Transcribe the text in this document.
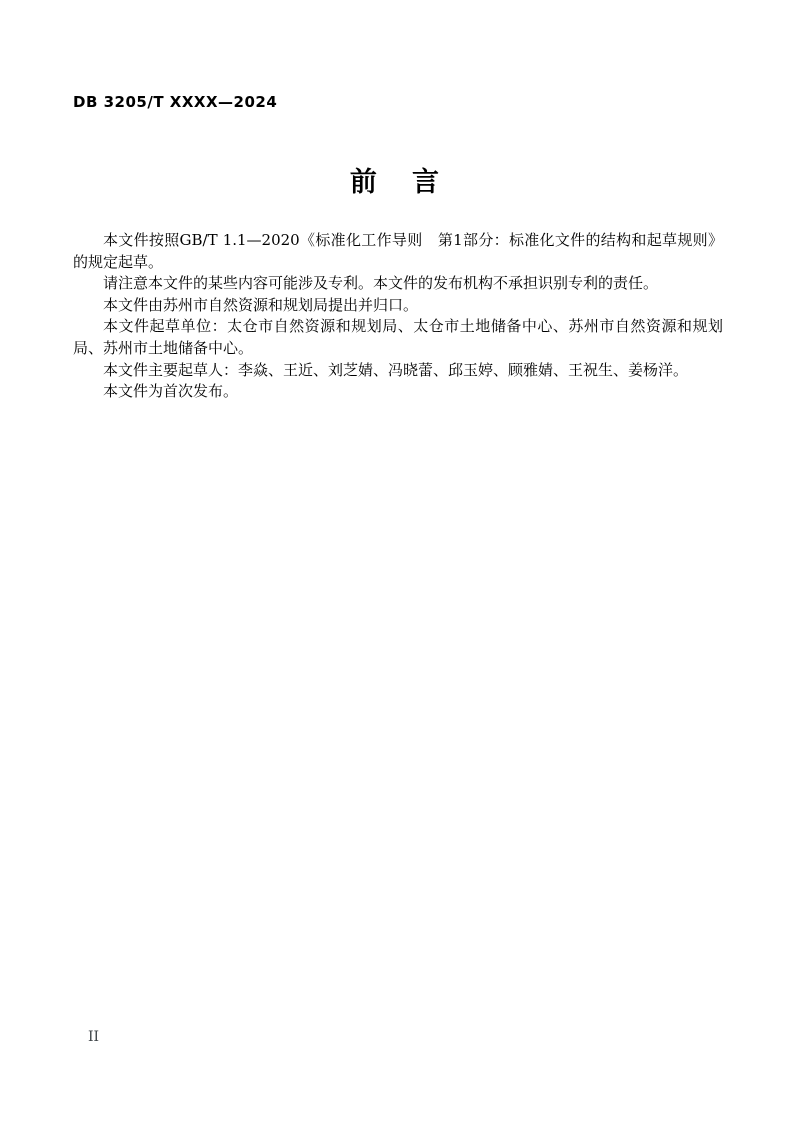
DB 3205/T XXXX—2024
前　言

本文件按照GB/T 1.1—2020《标准化工作导则　第1部分：标准化文件的结构和起草规则》的规定起草。

请注意本文件的某些内容可能涉及专利。本文件的发布机构不承担识别专利的责任。

本文件由苏州市自然资源和规划局提出并归口。

本文件起草单位：太仓市自然资源和规划局、太仓市土地储备中心、苏州市自然资源和规划局、苏州市土地储备中心。

本文件主要起草人：李焱、王近、刘芝婧、冯晓蕾、邱玉婷、顾雅婧、王祝生、姜杨洋。

本文件为首次发布。

II
